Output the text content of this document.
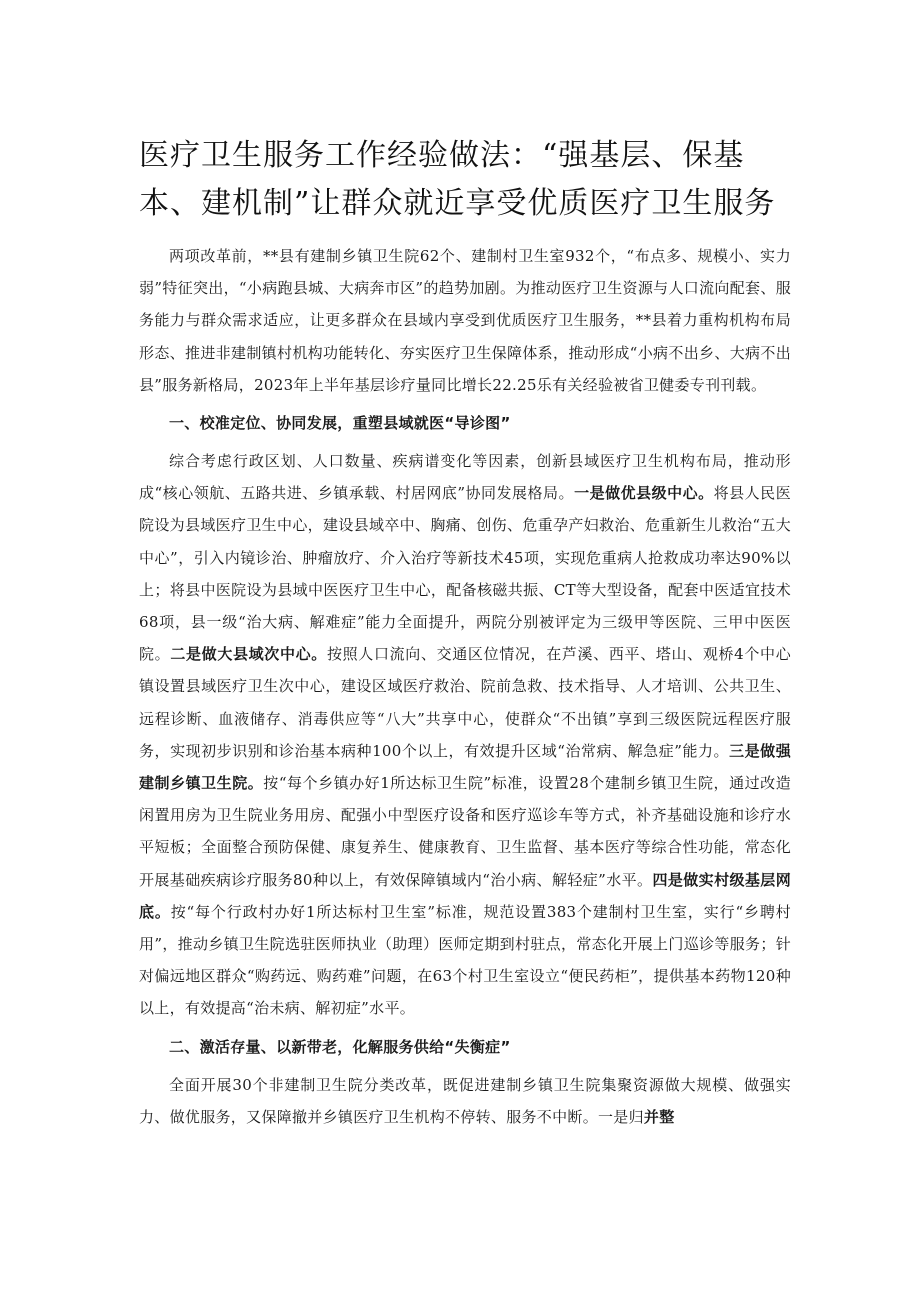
医疗卫生服务工作经验做法：“强基层、保基本、建机制”让群众就近享受优质医疗卫生服务

两项改革前，**县有建制乡镇卫生院62个、建制村卫生室932个，“布点多、规模小、实力弱”特征突出，“小病跑县城、大病奔市区”的趋势加剧。为推动医疗卫生资源与人口流向配套、服务能力与群众需求适应，让更多群众在县域内享受到优质医疗卫生服务，**县着力重构机构布局形态、推进非建制镇村机构功能转化、夯实医疗卫生保障体系，推动形成“小病不出乡、大病不出县”服务新格局，2023年上半年基层诊疗量同比增长22.25乐有关经验被省卫健委专刊刊载。

一、校准定位、协同发展，重塑县域就医“导诊图”

综合考虑行政区划、人口数量、疾病谱变化等因素，创新县域医疗卫生机构布局，推动形成“核心领航、五路共进、乡镇承载、村居网底”协同发展格局。一是做优县级中心。将县人民医院设为县域医疗卫生中心，建设县域卒中、胸痛、创伤、危重孕产妇救治、危重新生儿救治“五大中心”，引入内镜诊治、肿瘤放疗、介入治疗等新技术45项，实现危重病人抢救成功率达90%以上；将县中医院设为县域中医医疗卫生中心，配备核磁共振、CT等大型设备，配套中医适宜技术68项，县一级“治大病、解难症”能力全面提升，两院分别被评定为三级甲等医院、三甲中医医院。二是做大县域次中心。按照人口流向、交通区位情况，在芦溪、西平、塔山、观桥4个中心镇设置县域医疗卫生次中心，建设区域医疗救治、院前急救、技术指导、人才培训、公共卫生、远程诊断、血液储存、消毒供应等“八大”共享中心，使群众“不出镇”享到三级医院远程医疗服务，实现初步识别和诊治基本病种100个以上，有效提升区域“治常病、解急症”能力。三是做强建制乡镇卫生院。按“每个乡镇办好1所达标卫生院”标准，设置28个建制乡镇卫生院，通过改造闲置用房为卫生院业务用房、配强小中型医疗设备和医疗巡诊车等方式，补齐基础设施和诊疗水平短板；全面整合预防保健、康复养生、健康教育、卫生监督、基本医疗等综合性功能，常态化开展基础疾病诊疗服务80种以上，有效保障镇域内“治小病、解轻症”水平。四是做实村级基层网底。按“每个行政村办好1所达标村卫生室”标准，规范设置383个建制村卫生室，实行“乡聘村用”，推动乡镇卫生院选驻医师执业（助理）医师定期到村驻点，常态化开展上门巡诊等服务；针对偏远地区群众“购药远、购药难”问题，在63个村卫生室设立“便民药柜”，提供基本药物120种以上，有效提高“治未病、解初症”水平。

二、激活存量、以新带老，化解服务供给“失衡症”

全面开展30个非建制卫生院分类改革，既促进建制乡镇卫生院集聚资源做大规模、做强实力、做优服务，又保障撤并乡镇医疗卫生机构不停转、服务不中断。一是归并整
